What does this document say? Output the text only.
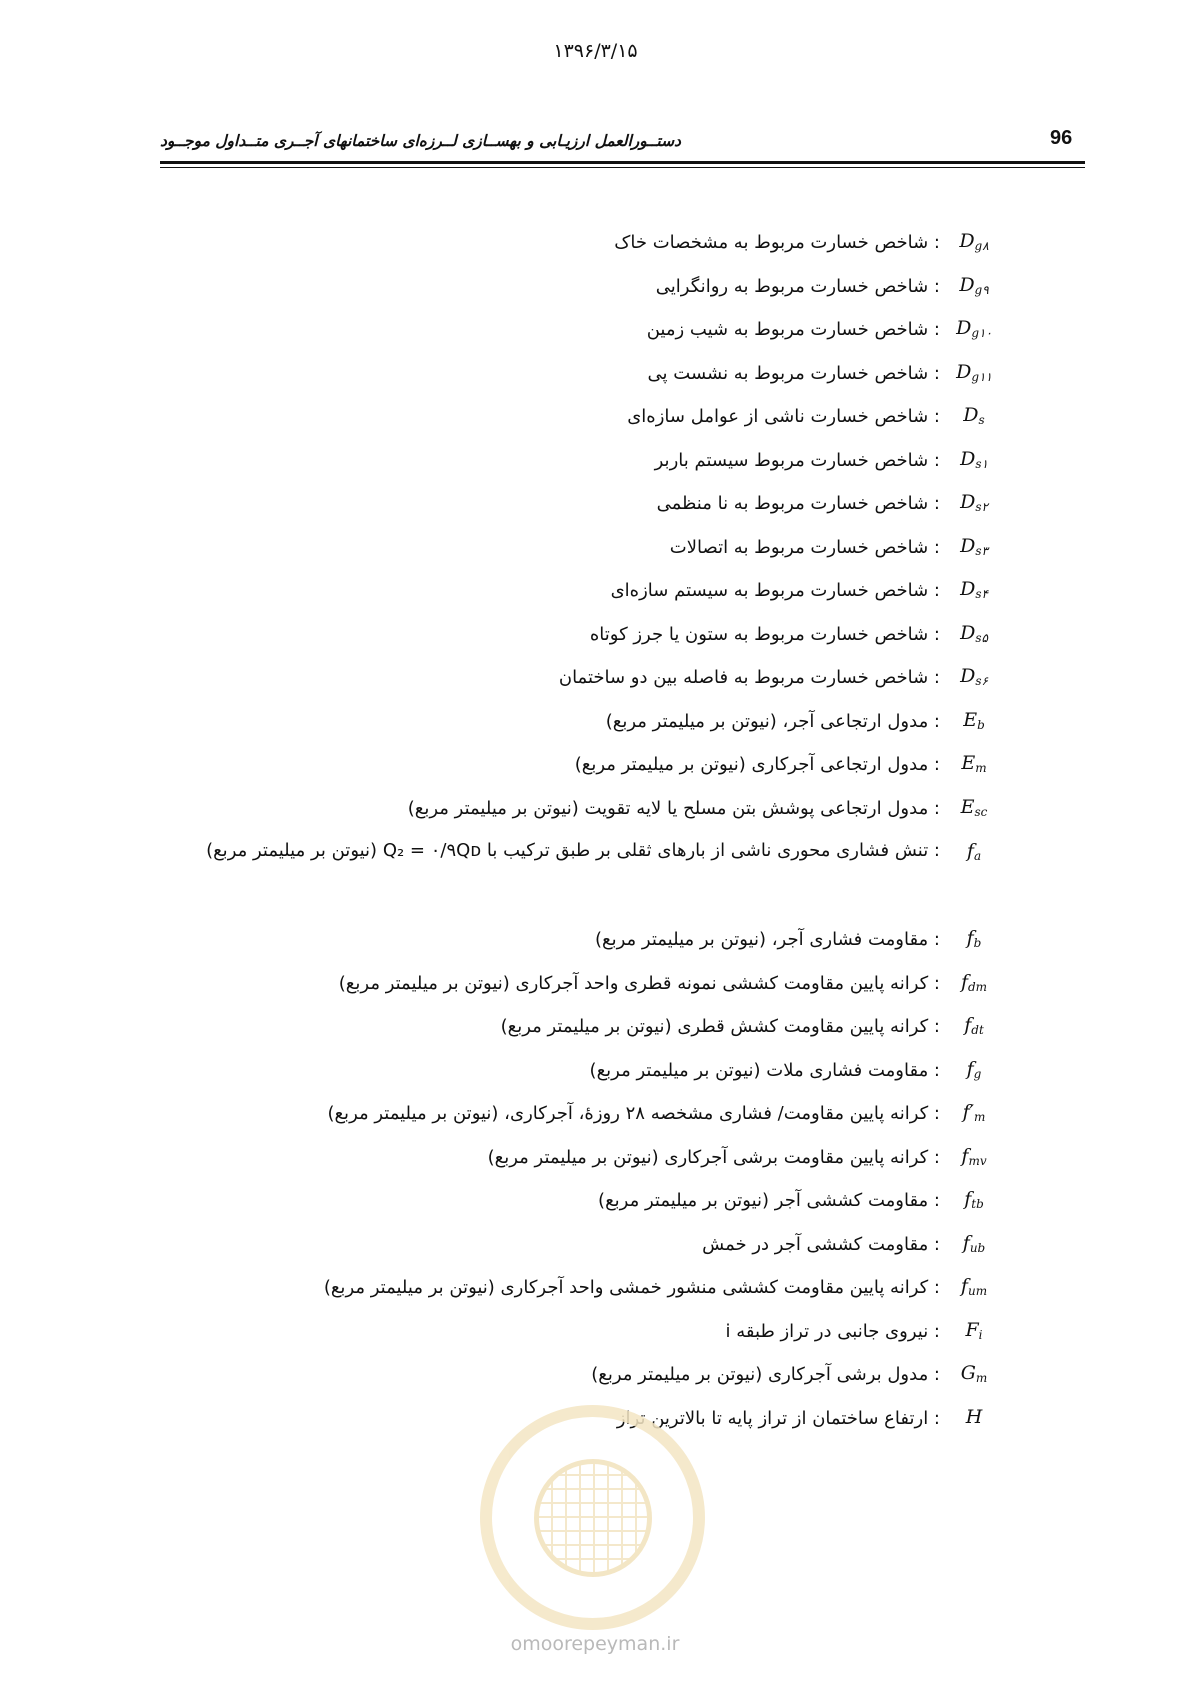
۱۳۹۶/۳/۱۵
دستــورالعمل ارزیـابی و بهســازی لــرزه‌ای ساختمانهای آجــری متــداول موجــود	96
$D_{g۸}$
: شاخص خسارت مربوط به مشخصات خاک
$D_{g۹}$
: شاخص خسارت مربوط به روانگرایی
$D_{g۱۰}$
: شاخص خسارت مربوط به شیب زمین
$D_{g۱۱}$
: شاخص خسارت مربوط به نشست پی
$D_s$
: شاخص خسارت ناشی از عوامل سازه‌ای
$D_{s۱}$
: شاخص خسارت مربوط سیستم باربر
$D_{s۲}$
: شاخص خسارت مربوط به نا منظمی
$D_{s۳}$
: شاخص خسارت مربوط به اتصالات
$D_{s۴}$
: شاخص خسارت مربوط به سیستم سازه‌ای
$D_{s۵}$
: شاخص خسارت مربوط به ستون یا جرز کوتاه
$D_{s۶}$
: شاخص خسارت مربوط به فاصله بین دو ساختمان
$E_b$
: مدول ارتجاعی آجر، (نیوتن بر میلیمتر مربع)
$E_m$
: مدول ارتجاعی آجرکاری (نیوتن بر میلیمتر مربع)
$E_{sc}$
: مدول ارتجاعی پوشش بتن مسلح یا لایه تقویت (نیوتن بر میلیمتر مربع)
$f_a$
: تنش فشاری محوری ناشی از بارهای ثقلی بر طبق ترکیب با Q₂ = ۰/۹Qᴅ (نیوتن بر میلیمتر مربع)
$f_b$
: مقاومت فشاری آجر، (نیوتن بر میلیمتر مربع)
$f_{dm}$
: کرانه پایین مقاومت کششی نمونه قطری واحد آجرکاری (نیوتن بر میلیمتر مربع)
$f_{dt}$
: کرانه پایین مقاومت کشش قطری (نیوتن بر میلیمتر مربع)
$f_g$
: مقاومت فشاری ملات (نیوتن بر میلیمتر مربع)
$f'_m$
: کرانه پایین مقاومت/ فشاری مشخصه ۲۸ روزهٔ، آجرکاری، (نیوتن بر میلیمتر مربع)
$f_{mv}$
: کرانه پایین مقاومت برشی آجرکاری (نیوتن بر میلیمتر مربع)
$f_{tb}$
: مقاومت کششی آجر (نیوتن بر میلیمتر مربع)
$f_{ub}$
: مقاومت کششی آجر در خمش
$f_{um}$
: کرانه پایین مقاومت کششی منشور خمشی واحد آجرکاری (نیوتن بر میلیمتر مربع)
$F_i$
: نیروی جانبی در تراز طبقه i
$G_m$
: مدول برشی آجرکاری (نیوتن بر میلیمتر مربع)
H
: ارتفاع ساختمان از تراز پایه تا بالاترین تراز
omoorepeyman.ir
